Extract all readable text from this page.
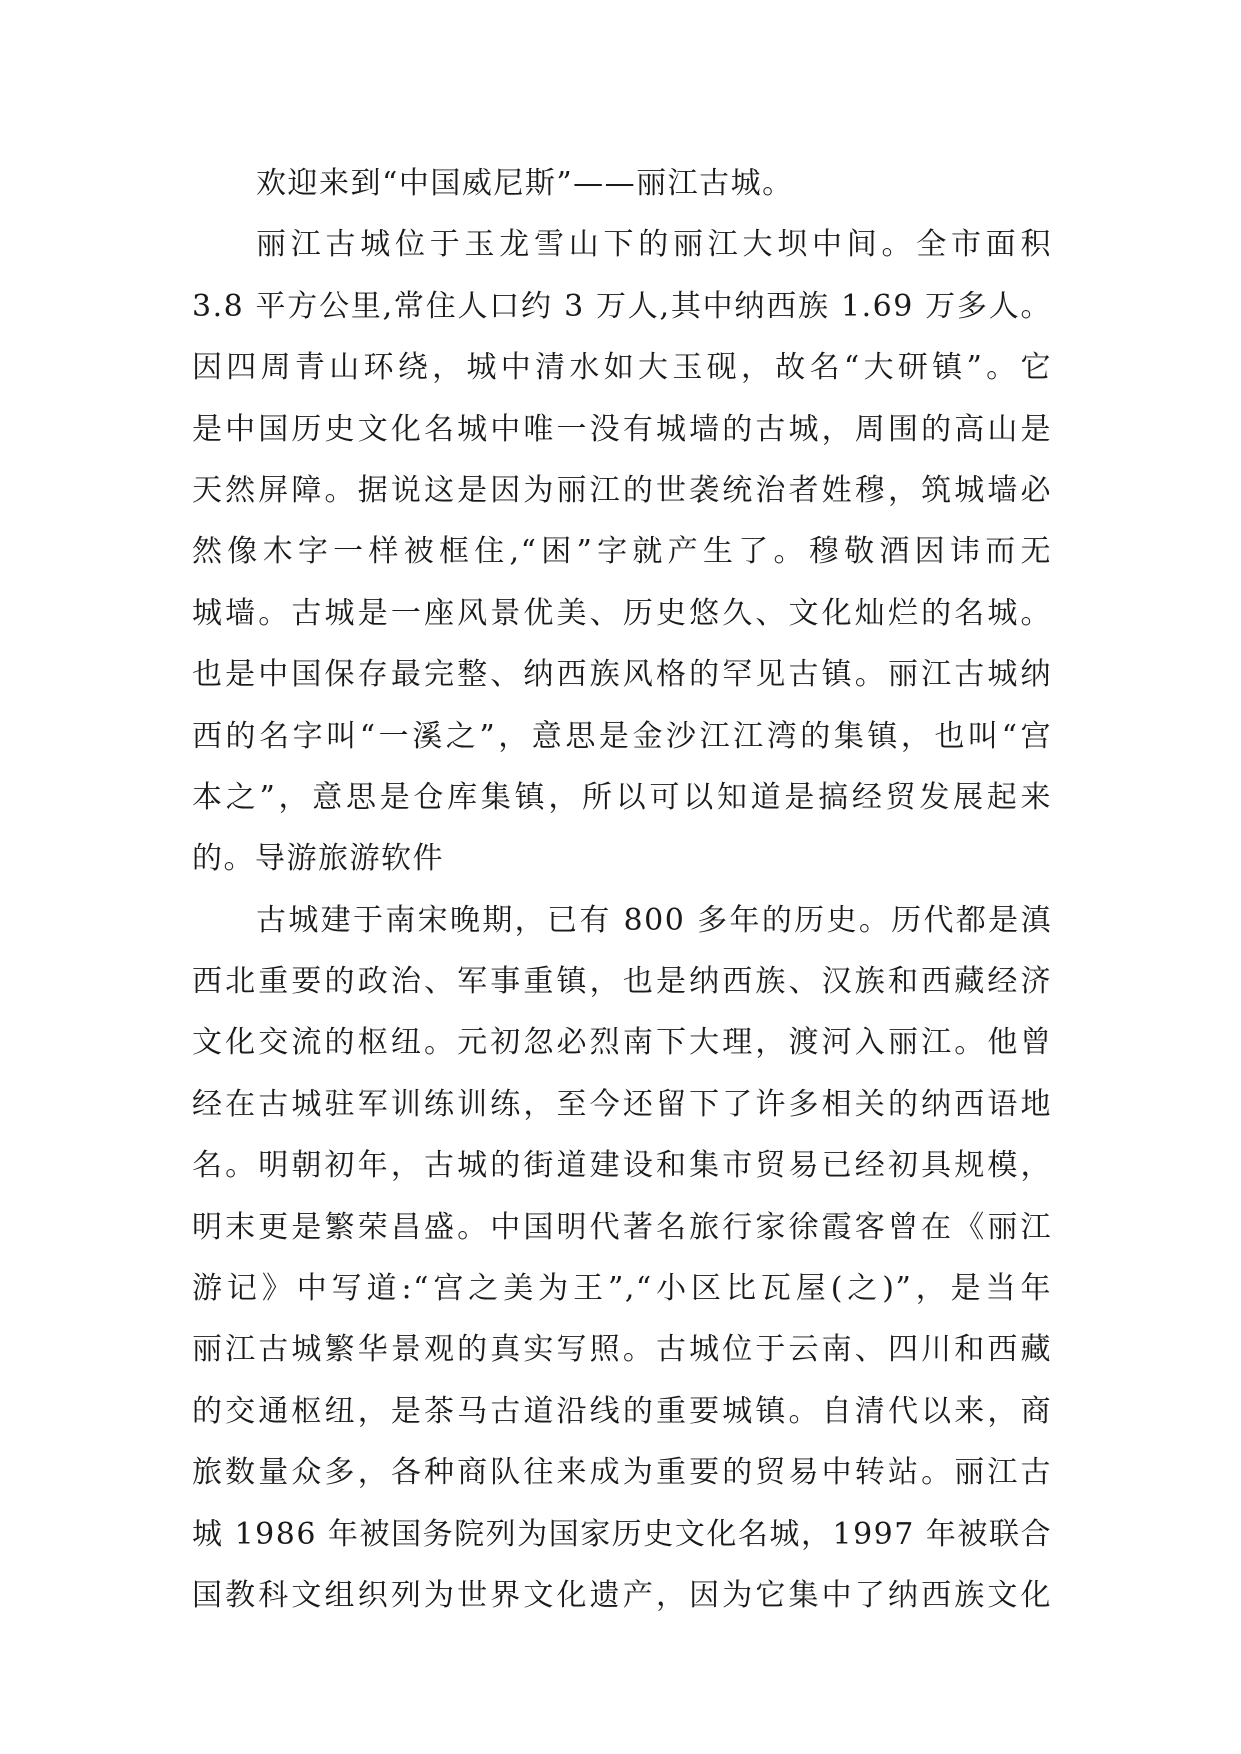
欢迎来到“中国威尼斯”——丽江古城。
丽江古城位于玉龙雪山下的丽江大坝中间。全市面积
3.8 平方公里,常住人口约 3 万人,其中纳西族 1.69 万多人。
因四周青山环绕，城中清水如大玉砚，故名“大研镇”。它
是中国历史文化名城中唯一没有城墙的古城，周围的高山是
天然屏障。据说这是因为丽江的世袭统治者姓穆，筑城墙必
然像木字一样被框住,“困”字就产生了。穆敬酒因讳而无
城墙。古城是一座风景优美、历史悠久、文化灿烂的名城。
也是中国保存最完整、纳西族风格的罕见古镇。丽江古城纳
西的名字叫“一溪之”，意思是金沙江江湾的集镇，也叫“宫
本之”，意思是仓库集镇，所以可以知道是搞经贸发展起来
的。导游旅游软件
古城建于南宋晚期，已有 800 多年的历史。历代都是滇
西北重要的政治、军事重镇，也是纳西族、汉族和西藏经济
文化交流的枢纽。元初忽必烈南下大理，渡河入丽江。他曾
经在古城驻军训练训练，至今还留下了许多相关的纳西语地
名。明朝初年，古城的街道建设和集市贸易已经初具规模，
明末更是繁荣昌盛。中国明代著名旅行家徐霞客曾在《丽江
游记》中写道:“宫之美为王”,“小区比瓦屋(之)”，是当年
丽江古城繁华景观的真实写照。古城位于云南、四川和西藏
的交通枢纽，是茶马古道沿线的重要城镇。自清代以来，商
旅数量众多，各种商队往来成为重要的贸易中转站。丽江古
城 1986 年被国务院列为国家历史文化名城，1997 年被联合
国教科文组织列为世界文化遗产，因为它集中了纳西族文化
